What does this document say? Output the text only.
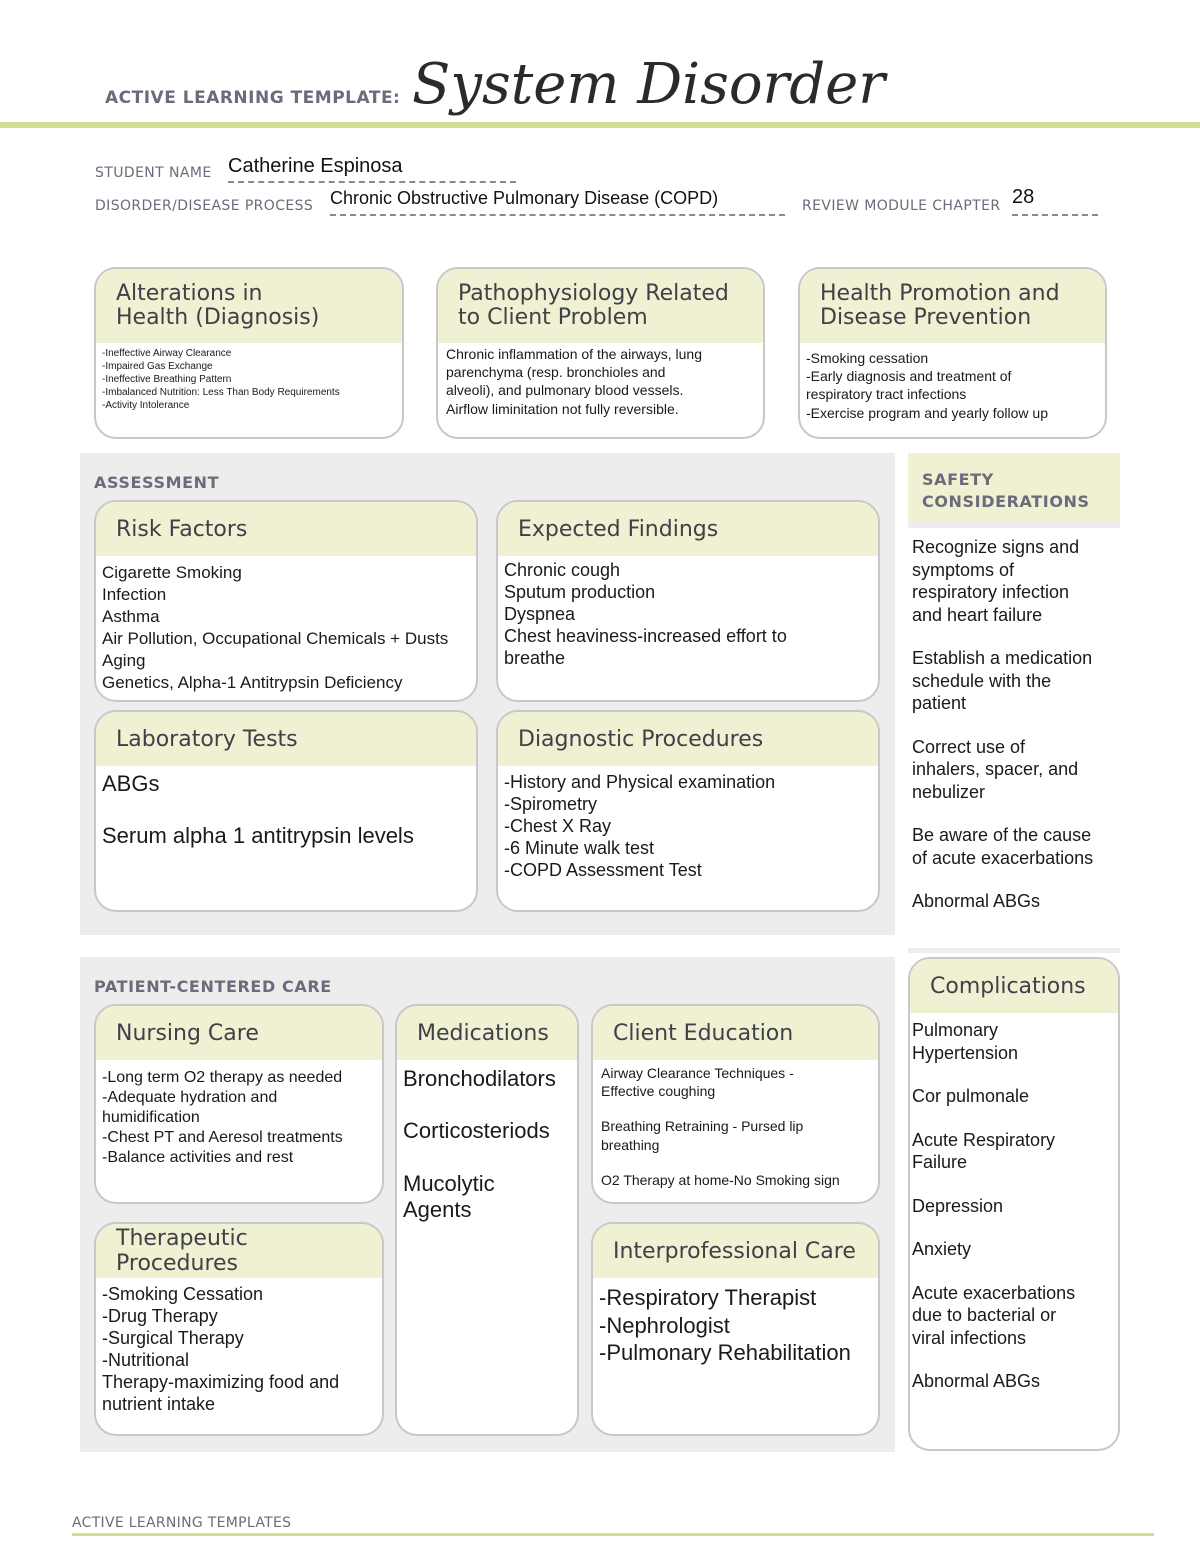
ACTIVE LEARNING TEMPLATE: System Disorder
STUDENT NAME Catherine Espinosa
DISORDER/DISEASE PROCESS Chronic Obstructive Pulmonary Disease (COPD)	REVIEW MODULE CHAPTER 28
Alterations in
Health (Diagnosis)
-Ineffective Airway Clearance
-Impaired Gas Exchange
-Ineffective Breathing Pattern
-Imbalanced Nutrition: Less Than Body Requirements
-Activity Intolerance
Pathophysiology Related
to Client Problem
Chronic inflammation of the airways, lung
parenchyma (resp. bronchioles and
alveoli), and pulmonary blood vessels.
Airflow liminitation not fully reversible.
Health Promotion and
Disease Prevention
-Smoking cessation
-Early diagnosis and treatment of
respiratory tract infections
-Exercise program and yearly follow up
ASSESSMENT
Risk Factors
Cigarette Smoking
Infection
Asthma
Air Pollution, Occupational Chemicals + Dusts
Aging
Genetics, Alpha-1 Antitrypsin Deficiency
Expected Findings
Chronic cough
Sputum production
Dyspnea
Chest heaviness-increased effort to
breathe
Laboratory Tests
ABGs
Serum alpha 1 antitrypsin levels
Diagnostic Procedures
-History and Physical examination
-Spirometry
-Chest X Ray
-6 Minute walk test
-COPD Assessment Test
SAFETY
CONSIDERATIONS

Recognize signs and
symptoms of
respiratory infection
and heart failure

Establish a medication
schedule with the
patient

Correct use of
inhalers, spacer, and
nebulizer

Be aware of the cause
of acute exacerbations

Abnormal ABGs

PATIENT-CENTERED CARE
Nursing Care
-Long term O2 therapy as needed
-Adequate hydration and
humidification
-Chest PT and Aeresol treatments
-Balance activities and rest
Medications
Bronchodilators
Corticosteriods
Mucolytic
Agents
Client Education
Airway Clearance Techniques -
Effective coughing
Breathing Retraining - Pursed lip
breathing
O2 Therapy at home-No Smoking sign
Therapeutic Procedures
-Smoking Cessation
-Drug Therapy
-Surgical Therapy
-Nutritional
Therapy-maximizing food and
nutrient intake
Interprofessional Care
-Respiratory Therapist
-Nephrologist
-Pulmonary Rehabilitation
Complications

Pulmonary
Hypertension

Cor pulmonale

Acute Respiratory
Failure

Depression

Anxiety

Acute exacerbations
due to bacterial or
viral infections

Abnormal ABGs

ACTIVE LEARNING TEMPLATES
